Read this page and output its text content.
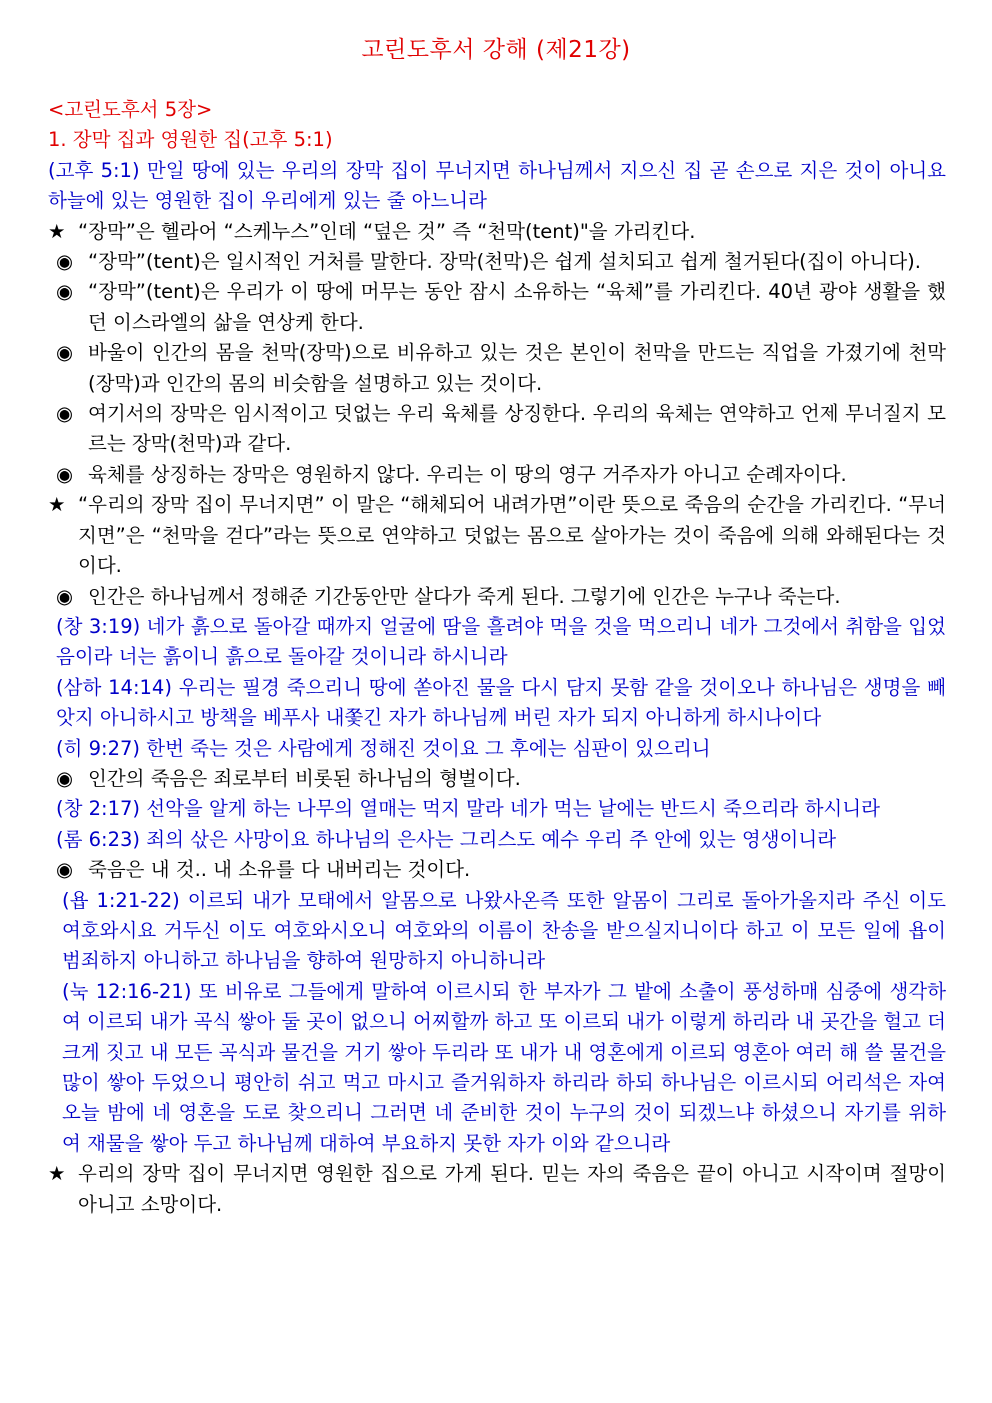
고린도후서 강해 (제21강)

<고린도후서 5장>

1. 장막 집과 영원한 집(고후 5:1)

(고후 5:1) 만일 땅에 있는 우리의 장막 집이 무너지면 하나님께서 지으신 집 곧 손으로 지은 것이 아니요 하늘에 있는 영원한 집이 우리에게 있는 줄 아느니라

★ “장막”은 헬라어 “스케누스”인데 “덮은 것” 즉 “천막(tent)"을 가리킨다.

◉ “장막”(tent)은 일시적인 거처를 말한다. 장막(천막)은 쉽게 설치되고 쉽게 철거된다(집이 아니다).

◉ “장막”(tent)은 우리가 이 땅에 머무는 동안 잠시 소유하는 “육체”를 가리킨다. 40년 광야 생활을 했던 이스라엘의 삶을 연상케 한다.

◉ 바울이 인간의 몸을 천막(장막)으로 비유하고 있는 것은 본인이 천막을 만드는 직업을 가졌기에 천막(장막)과 인간의 몸의 비슷함을 설명하고 있는 것이다.

◉ 여기서의 장막은 임시적이고 덧없는 우리 육체를 상징한다. 우리의 육체는 연약하고 언제 무너질지 모르는 장막(천막)과 같다.

◉ 육체를 상징하는 장막은 영원하지 않다. 우리는 이 땅의 영구 거주자가 아니고 순례자이다.

★ “우리의 장막 집이 무너지면” 이 말은 “해체되어 내려가면”이란 뜻으로 죽음의 순간을 가리킨다. “무너지면”은 “천막을 걷다”라는 뜻으로 연약하고 덧없는 몸으로 살아가는 것이 죽음에 의해 와해된다는 것이다.

◉ 인간은 하나님께서 정해준 기간동안만 살다가 죽게 된다. 그렇기에 인간은 누구나 죽는다.

(창 3:19) 네가 흙으로 돌아갈 때까지 얼굴에 땀을 흘려야 먹을 것을 먹으리니 네가 그것에서 취함을 입었음이라 너는 흙이니 흙으로 돌아갈 것이니라 하시니라

(삼하 14:14) 우리는 필경 죽으리니 땅에 쏟아진 물을 다시 담지 못함 같을 것이오나 하나님은 생명을 빼앗지 아니하시고 방책을 베푸사 내쫓긴 자가 하나님께 버린 자가 되지 아니하게 하시나이다

(히 9:27) 한번 죽는 것은 사람에게 정해진 것이요 그 후에는 심판이 있으리니

◉ 인간의 죽음은 죄로부터 비롯된 하나님의 형벌이다.

(창 2:17) 선악을 알게 하는 나무의 열매는 먹지 말라 네가 먹는 날에는 반드시 죽으리라 하시니라

(롬 6:23) 죄의 삯은 사망이요 하나님의 은사는 그리스도 예수 우리 주 안에 있는 영생이니라

◉ 죽음은 내 것.. 내 소유를 다 내버리는 것이다.

(욥 1:21-22) 이르되 내가 모태에서 알몸으로 나왔사온즉 또한 알몸이 그리로 돌아가올지라 주신 이도 여호와시요 거두신 이도 여호와시오니 여호와의 이름이 찬송을 받으실지니이다 하고 이 모든 일에 욥이 범죄하지 아니하고 하나님을 향하여 원망하지 아니하니라

(눅 12:16-21) 또 비유로 그들에게 말하여 이르시되 한 부자가 그 밭에 소출이 풍성하매 심중에 생각하여 이르되 내가 곡식 쌓아 둘 곳이 없으니 어찌할까 하고 또 이르되 내가 이렇게 하리라 내 곳간을 헐고 더 크게 짓고 내 모든 곡식과 물건을 거기 쌓아 두리라 또 내가 내 영혼에게 이르되 영혼아 여러 해 쓸 물건을 많이 쌓아 두었으니 평안히 쉬고 먹고 마시고 즐거워하자 하리라 하되 하나님은 이르시되 어리석은 자여 오늘 밤에 네 영혼을 도로 찾으리니 그러면 네 준비한 것이 누구의 것이 되겠느냐 하셨으니 자기를 위하여 재물을 쌓아 두고 하나님께 대하여 부요하지 못한 자가 이와 같으니라

★ 우리의 장막 집이 무너지면 영원한 집으로 가게 된다. 믿는 자의 죽음은 끝이 아니고 시작이며 절망이 아니고 소망이다.
